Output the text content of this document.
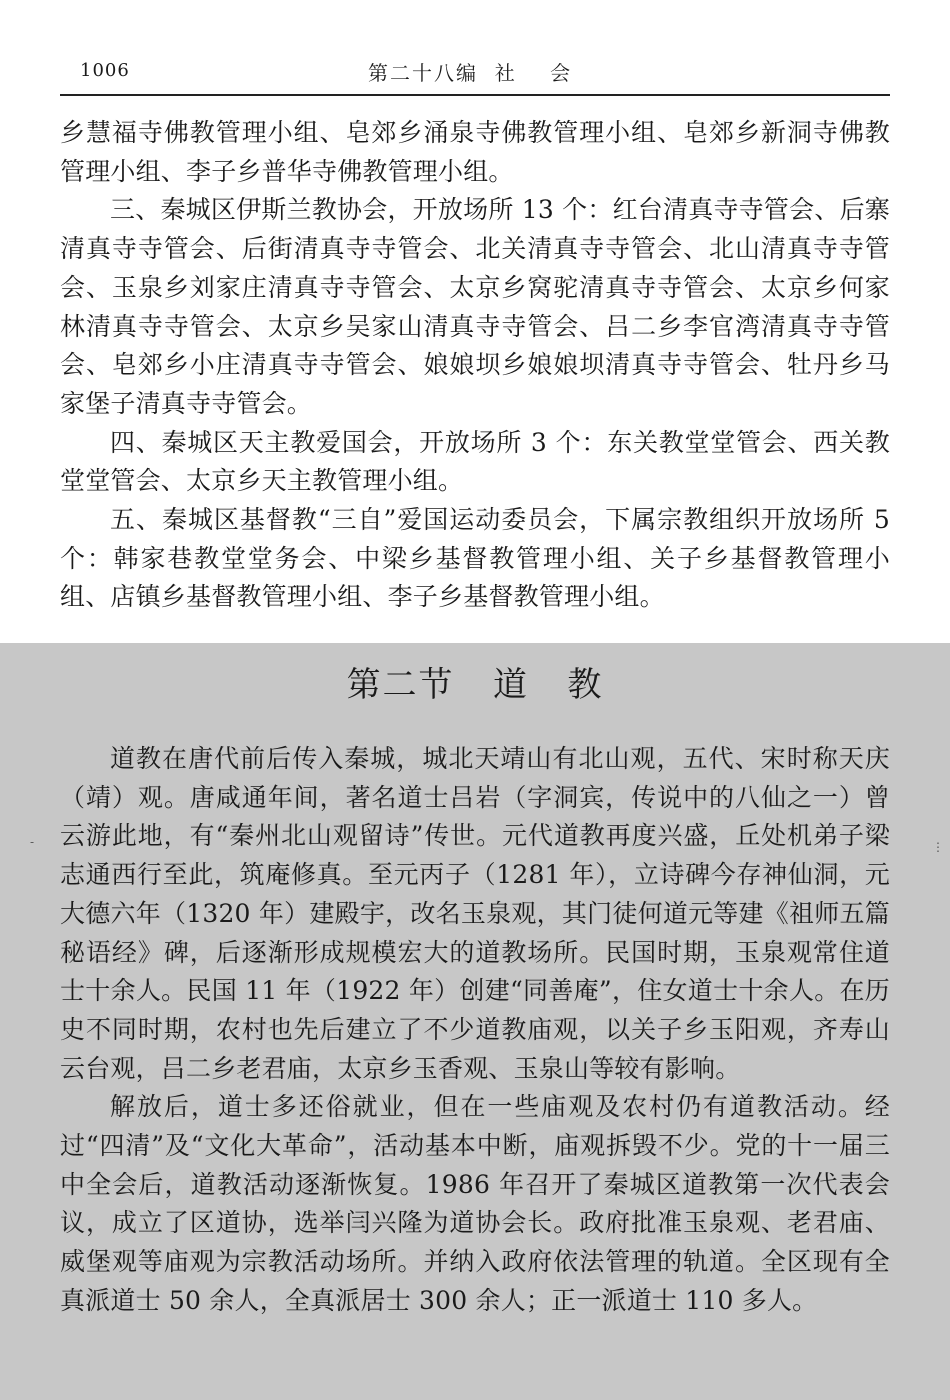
1006	第二十八编  社    会

乡慧福寺佛教管理小组、皂郊乡涌泉寺佛教管理小组、皂郊乡新洞寺佛教管理小组、李子乡普华寺佛教管理小组。

三、秦城区伊斯兰教协会，开放场所 13 个：红台清真寺寺管会、后寨清真寺寺管会、后街清真寺寺管会、北关清真寺寺管会、北山清真寺寺管会、玉泉乡刘家庄清真寺寺管会、太京乡窝驼清真寺寺管会、太京乡何家林清真寺寺管会、太京乡吴家山清真寺寺管会、吕二乡李官湾清真寺寺管会、皂郊乡小庄清真寺寺管会、娘娘坝乡娘娘坝清真寺寺管会、牡丹乡马家堡子清真寺寺管会。

四、秦城区天主教爱国会，开放场所 3 个：东关教堂堂管会、西关教堂堂管会、太京乡天主教管理小组。

五、秦城区基督教“三自”爱国运动委员会，下属宗教组织开放场所 5 个：韩家巷教堂堂务会、中梁乡基督教管理小组、关子乡基督教管理小组、店镇乡基督教管理小组、李子乡基督教管理小组。

第二节   道   教

道教在唐代前后传入秦城，城北天靖山有北山观，五代、宋时称天庆（靖）观。唐咸通年间，著名道士吕岩（字洞宾，传说中的八仙之一）曾云游此地，有“秦州北山观留诗”传世。元代道教再度兴盛，丘处机弟子梁志通西行至此，筑庵修真。至元丙子（1281 年），立诗碑今存神仙洞，元大德六年（1320 年）建殿宇，改名玉泉观，其门徒何道元等建《祖师五篇秘语经》碑，后逐渐形成规模宏大的道教场所。民国时期，玉泉观常住道士十余人。民国 11 年（1922 年）创建“同善庵”，住女道士十余人。在历史不同时期，农村也先后建立了不少道教庙观，以关子乡玉阳观，齐寿山云台观，吕二乡老君庙，太京乡玉香观、玉泉山等较有影响。

解放后，道士多还俗就业，但在一些庙观及农村仍有道教活动。经过“四清”及“文化大革命”，活动基本中断，庙观拆毁不少。党的十一届三中全会后，道教活动逐渐恢复。1986 年召开了秦城区道教第一次代表会议，成立了区道协，选举闫兴隆为道协会长。政府批准玉泉观、老君庙、威堡观等庙观为宗教活动场所。并纳入政府依法管理的轨道。全区现有全真派道士 50 余人，全真派居士 300 余人；正一派道士 110 多人。

-	⋮
